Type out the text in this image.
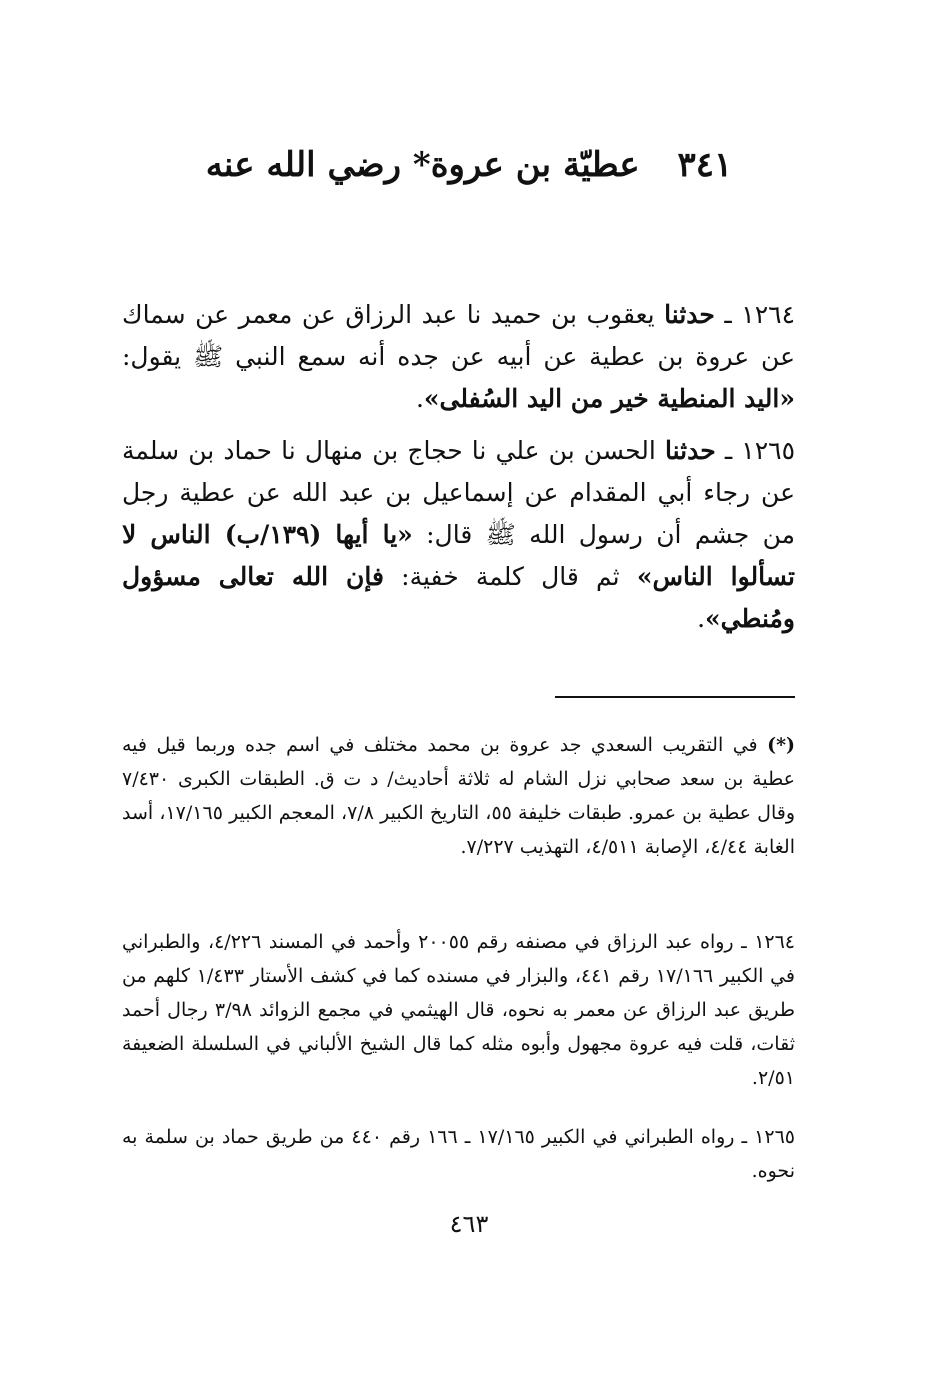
٣٤١ عطيّة بن عروة* رضي الله عنه

١٢٦٤ ـ حدثنا يعقوب بن حميد نا عبد الرزاق عن معمر عن سماك عن عروة بن عطية عن أبيه عن جده أنه سمع النبي ﷺ يقول: «اليد المنطية خير من اليد السُفلى».

١٢٦٥ ـ حدثنا الحسن بن علي نا حجاج بن منهال نا حماد بن سلمة عن رجاء أبي المقدام عن إسماعيل بن عبد الله عن عطية رجل من جشم أن رسول الله ﷺ قال: «يا أيها (١٣٩/ب) الناس لا تسألوا الناس» ثم قال كلمة خفية: فإن الله تعالى مسؤول ومُنطي».

(*) في التقريب السعدي جد عروة بن محمد مختلف في اسم جده وربما قيل فيه عطية بن سعد صحابي نزل الشام له ثلاثة أحاديث/ د ت ق. الطبقات الكبرى ٧/٤٣٠ وقال عطية بن عمرو. طبقات خليفة ٥٥، التاريخ الكبير ٧/٨، المعجم الكبير ١٧/١٦٥، أسد الغابة ٤/٤٤، الإصابة ٤/٥١١، التهذيب ٧/٢٢٧.

١٢٦٤ ـ رواه عبد الرزاق في مصنفه رقم ٢٠٠٥٥ وأحمد في المسند ٤/٢٢٦، والطبراني في الكبير ١٧/١٦٦ رقم ٤٤١، والبزار في مسنده كما في كشف الأستار ١/٤٣٣ كلهم من طريق عبد الرزاق عن معمر به نحوه، قال الهيثمي في مجمع الزوائد ٣/٩٨ رجال أحمد ثقات، قلت فيه عروة مجهول وأبوه مثله كما قال الشيخ الألباني في السلسلة الضعيفة ٢/٥١.

١٢٦٥ ـ رواه الطبراني في الكبير ١٧/١٦٥ ـ ١٦٦ رقم ٤٤٠ من طريق حماد بن سلمة به نحوه.

٤٦٣
